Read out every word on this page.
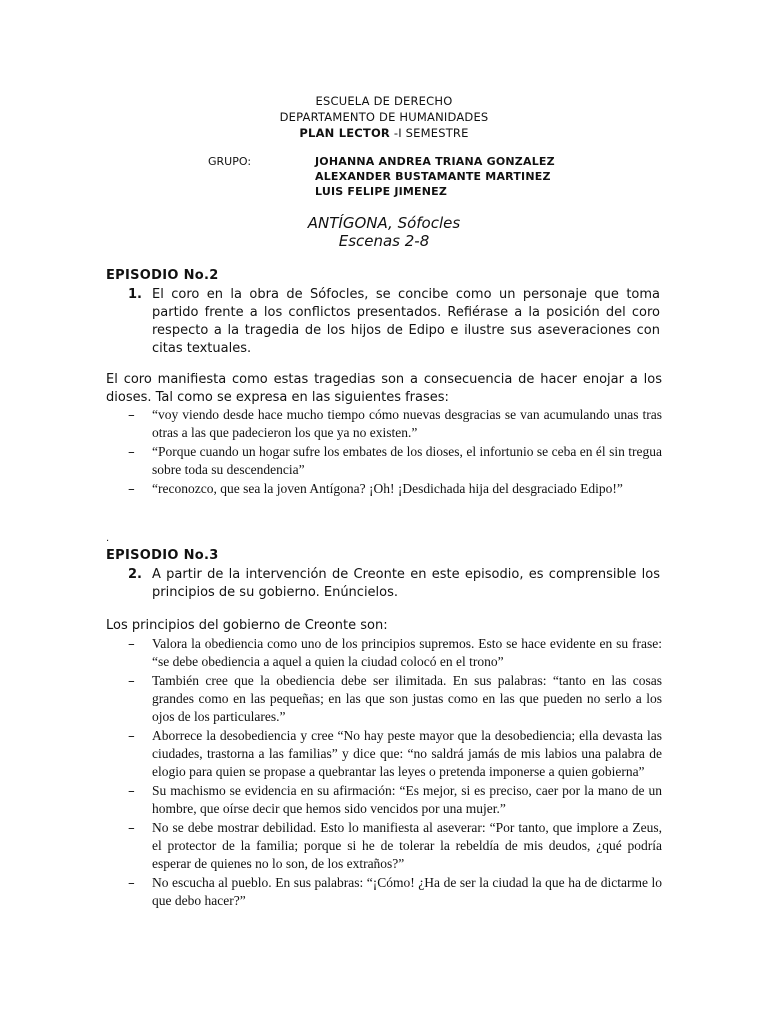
ESCUELA DE DERECHO
DEPARTAMENTO DE HUMANIDADES
PLAN LECTOR -I SEMESTRE
GRUPO:	JOHANNA ANDREA TRIANA GONZALEZ
ALEXANDER BUSTAMANTE MARTINEZ
LUIS FELIPE JIMENEZ
ANTÍGONA, Sófocles
Escenas 2-8
EPISODIO No.2
1. El coro en la obra de Sófocles, se concibe como un personaje que toma partido frente a los conflictos presentados. Refiérase a la posición del coro respecto a la tragedia de los hijos de Edipo e ilustre sus aseveraciones con citas textuales.
El coro manifiesta como estas tragedias son a consecuencia de hacer enojar a los dioses. Tal como se expresa en las siguientes frases:
– “voy viendo desde hace mucho tiempo cómo nuevas desgracias se van acumulando unas tras otras a las que padecieron los que ya no existen.”
– “Porque cuando un hogar sufre los embates de los dioses, el infortunio se ceba en él sin tregua sobre toda su descendencia”
– “reconozco, que sea la joven Antígona? ¡Oh! ¡Desdichada hija del desgraciado Edipo!”
.
EPISODIO No.3
2. A partir de la intervención de Creonte en este episodio, es comprensible los principios de su gobierno. Enúncielos.
Los principios del gobierno de Creonte son:
– Valora la obediencia como uno de los principios supremos. Esto se hace evidente en su frase: “se debe obediencia a aquel a quien la ciudad colocó en el trono”
– También cree que la obediencia debe ser ilimitada. En sus palabras: “tanto en las cosas grandes como en las pequeñas; en las que son justas como en las que pueden no serlo a los ojos de los particulares.”
– Aborrece la desobediencia y cree “No hay peste mayor que la desobediencia; ella devasta las ciudades, trastorna a las familias” y dice que: “no saldrá jamás de mis labios una palabra de elogio para quien se propase a quebrantar las leyes o pretenda imponerse a quien gobierna”
– Su machismo se evidencia en su afirmación: “Es mejor, si es preciso, caer por la mano de un hombre, que oírse decir que hemos sido vencidos por una mujer.”
– No se debe mostrar debilidad. Esto lo manifiesta al aseverar: “Por tanto, que implore a Zeus, el protector de la familia; porque si he de tolerar la rebeldía de mis deudos, ¿qué podría esperar de quienes no lo son, de los extraños?”
– No escucha al pueblo. En sus palabras: “¡Cómo! ¿Ha de ser la ciudad la que ha de dictarme lo que debo hacer?”
